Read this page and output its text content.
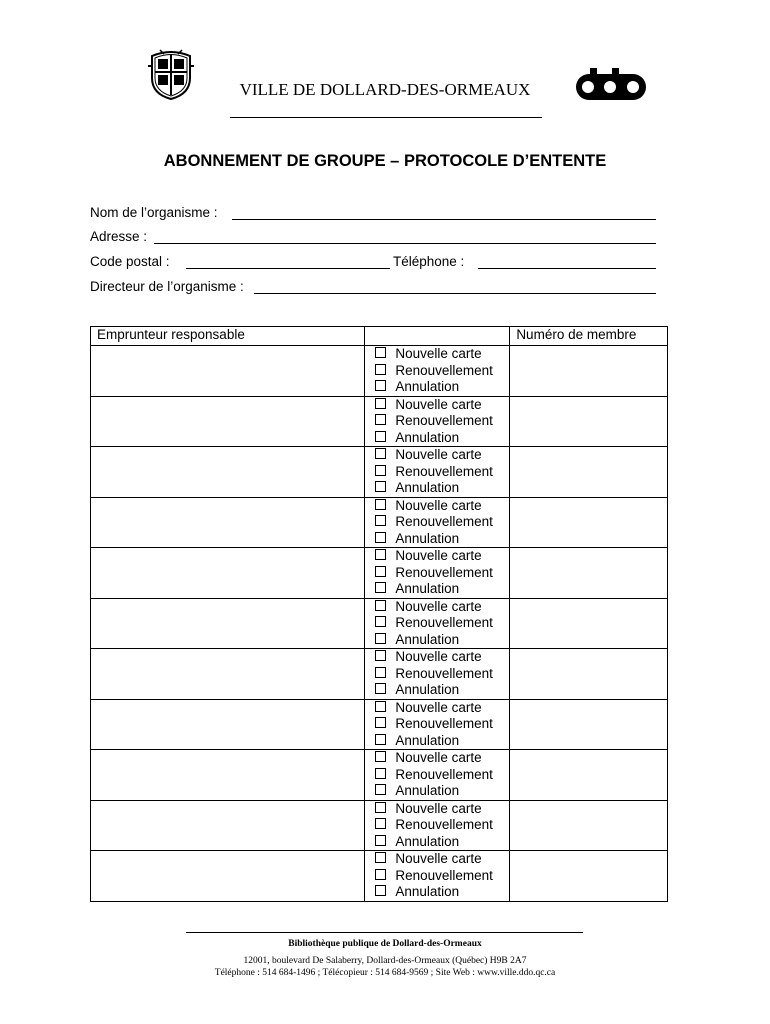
VILLE DE DOLLARD-DES-ORMEAUX
ABONNEMENT DE GROUPE – PROTOCOLE D’ENTENTE
Nom de l’organisme :
Adresse :
Code postal :	Téléphone :
Directeur de l’organisme :
Emprunteur responsable		Numéro de membre

	Nouvelle carte
Renouvellement
Annulation	

	Nouvelle carte
Renouvellement
Annulation	

	Nouvelle carte
Renouvellement
Annulation	

	Nouvelle carte
Renouvellement
Annulation	

	Nouvelle carte
Renouvellement
Annulation	

	Nouvelle carte
Renouvellement
Annulation	

	Nouvelle carte
Renouvellement
Annulation	

	Nouvelle carte
Renouvellement
Annulation	

	Nouvelle carte
Renouvellement
Annulation	

	Nouvelle carte
Renouvellement
Annulation	

	Nouvelle carte
Renouvellement
Annulation	

Bibliothèque publique de Dollard-des-Ormeaux
12001, boulevard De Salaberry, Dollard-des-Ormeaux (Québec) H9B 2A7
Téléphone : 514 684-1496 ; Télécopieur : 514 684-9569 ; Site Web : www.ville.ddo.qc.ca
